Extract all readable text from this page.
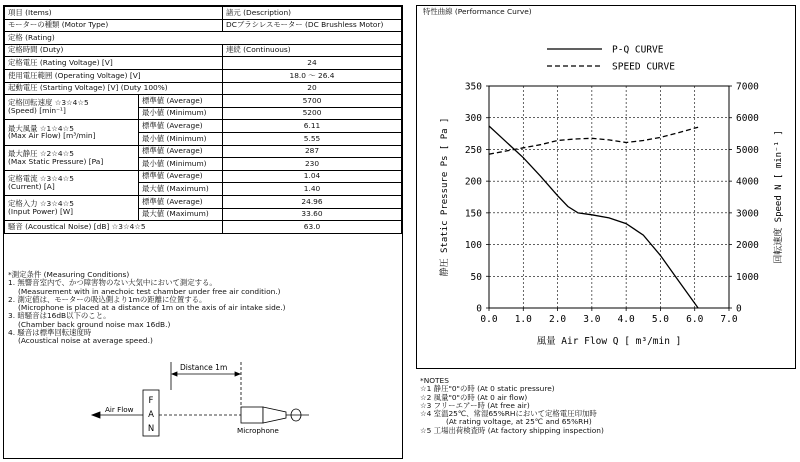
項目 (Items)		諸元 (Description)
モーターの種類 (Motor Type)		DCブラシレスモーター (DC Brushless Motor)
定格 (Rating)		
定格時間 (Duty)		連続 (Continuous)
定格電圧 (Rating Voltage) [V]		24
使用電圧範囲 (Operating Voltage) [V]		18.0 ～ 26.4
起動電圧 (Starting Voltage) [V] (Duty 100%)		20

定格回転速度 ☆3☆4☆5
(Speed) [min⁻¹]	標準値 (Average)	5700
	最小値 (Minimum)	5200

最大風量 ☆1☆4☆5
(Max Air Flow) [m³/min]	標準値 (Average)	6.11
	最小値 (Minimum)	5.55

最大静圧 ☆2☆4☆5
(Max Static Pressure) [Pa]	標準値 (Average)	287
	最小値 (Minimum)	230

定格電流 ☆3☆4☆5
(Current) [A]	標準値 (Average)	1.04
	最大値 (Maximum)	1.40

定格入力 ☆3☆4☆5
(Input Power) [W]	標準値 (Average)	24.96
	最大値 (Maximum)	33.60
騒音 (Acoustical Noise) [dB] ☆3☆4☆5		63.0
*測定条件 (Measuring Conditions)
1. 無響音室内で、かつ障害物のない大気中において測定する。
(Measurement with in anechoic test chamber under free air condition.)
2. 測定値は、モーターの吸込側より1mの距離に位置する。
(Microphone is placed at a distance of 1m on the axis of air intake side.)
3. 暗騒音は16dB以下のこと。
(Chamber back ground noise max 16dB.)
4. 騒音は標準回転速度時
(Acoustical noise at average speed.)
Distance 1m
F
A
N
Air Flow
Microphone
特性曲線 (Performance Curve)
0.0 1.0 2.0 3.0 4.0 5.0 6.0 7.0
0
50
100
150
200
250
300
350
0
1000
2000
3000
4000
5000
6000
7000
風量 Air Flow Q [ m³/min ]
静圧 Static Pressure Ps [ Pa ]	回転速度 Speed N [ min⁻¹ ]
P-Q CURVE
SPEED CURVE
*NOTES
☆1 静圧"0"の時 (At 0 static pressure)
☆2 風量"0"の時 (At 0 air flow)
☆3 フリーエアー時 (At free air)
☆4 室温25℃、常湿65%RHにおいて定格電圧印加時
(At rating voltage, at 25℃ and 65%RH)
☆5 工場出荷検査時 (At factory shipping inspection)
